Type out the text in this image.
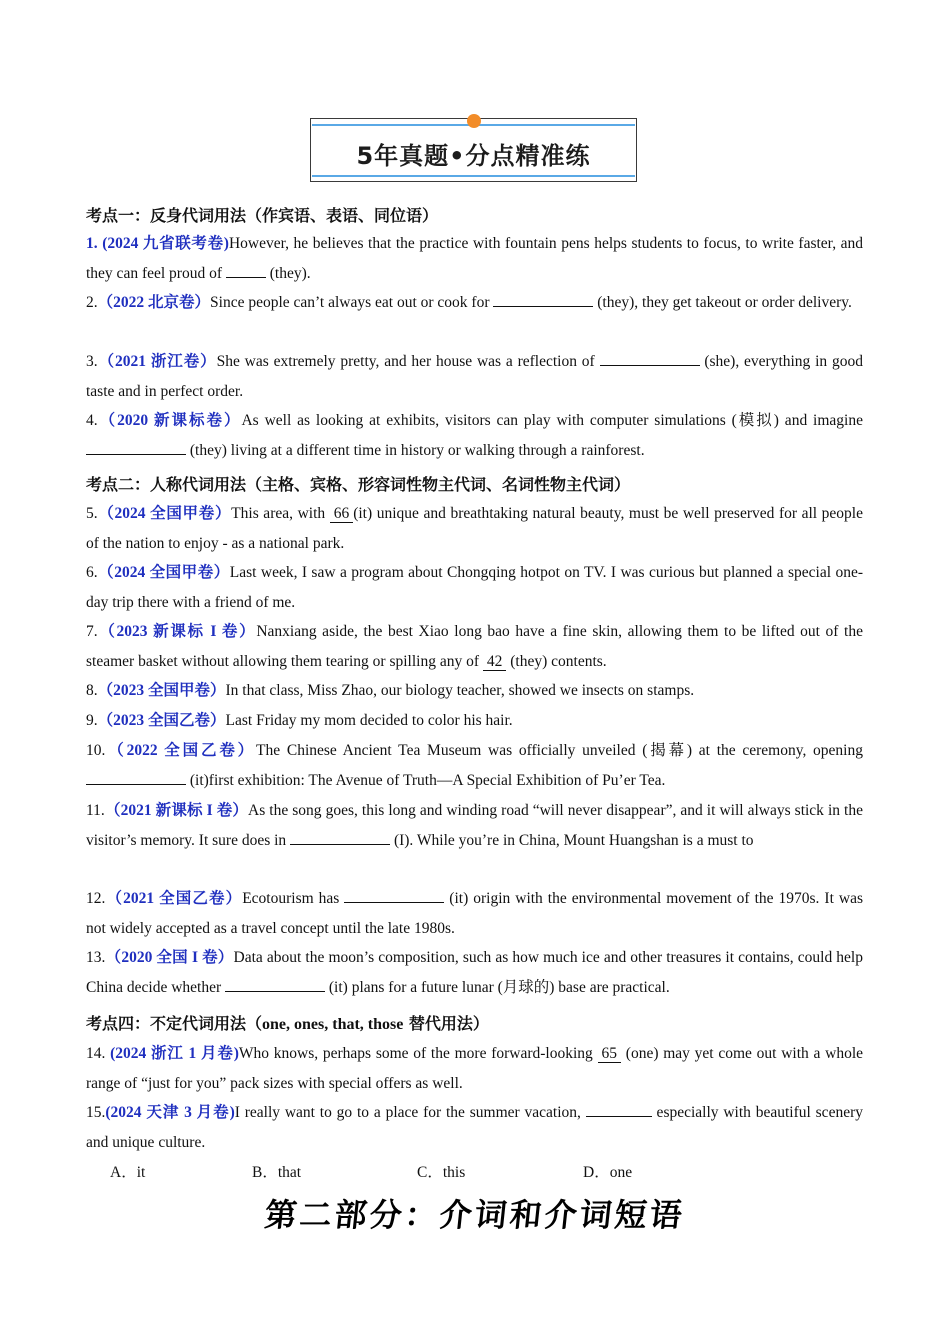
5年真题•分点精准练
考点一：反身代词用法（作宾语、表语、同位语）
1. (2024 九省联考卷)However, he believes that the practice with fountain pens helps students to focus, to write faster, and they can feel proud of	(they).
2.（2022 北京卷）Since people can’t always eat out or cook for	(they), they get takeout or order delivery.
3.（2021 浙江卷）She was extremely pretty, and her house was a reflection of	(she), everything in good taste and in perfect order.
4.（2020 新课标卷）As well as looking at exhibits, visitors can play with computer simulations (模拟) and imagine  (they) living at a different time in history or walking through a rainforest.
考点二：人称代词用法（主格、宾格、形容词性物主代词、名词性物主代词）
5.（2024 全国甲卷）This area, with 66 (it) unique and breathtaking natural beauty, must be well preserved for all people of the nation to enjoy - as a national park.
6.（2024 全国甲卷）Last week, I saw a program about Chongqing hotpot on TV. I was curious but planned a special one-day trip there with a friend of me.
7.（2023 新课标 I 卷）Nanxiang aside, the best Xiao long bao have a fine skin, allowing them to be lifted out of the steamer basket without allowing them tearing or spilling any of 42 (they) contents.
8.（2023 全国甲卷）In that class, Miss Zhao, our biology teacher, showed we insects on stamps.
9.（2023 全国乙卷）Last Friday my mom decided to color his hair.
10.（2022 全国乙卷）The Chinese Ancient Tea Museum was officially unveiled (揭幕) at the ceremony, opening  (it)first exhibition: The Avenue of Truth—A Special Exhibition of Pu’er Tea.
11.（2021 新课标 I 卷）As the song goes, this long and winding road “will never disappear”, and it will always stick in the visitor’s memory. It sure does in	(I). While you’re in China, Mount Huangshan is a must to
12.（2021 全国乙卷）Ecotourism has	(it) origin with the environmental movement of the 1970s. It was not widely accepted as a travel concept until the late 1980s.
13.（2020 全国 I 卷）Data about the moon’s composition, such as how much ice and other treasures it contains, could help China decide whether	(it) plans for a future lunar (月球的) base are practical.
考点四：不定代词用法（one, ones, that, those 替代用法）
14. (2024 浙江 1 月卷)Who knows, perhaps some of the more forward-looking 65 (one) may yet come out with a whole range of “just for you” pack sizes with special offers as well.
15.(2024 天津 3 月卷)I really want to go to a place for the summer vacation,	especially with beautiful scenery and unique culture.
A．it	B．that	C．this	D．one
第二部分：介词和介词短语
